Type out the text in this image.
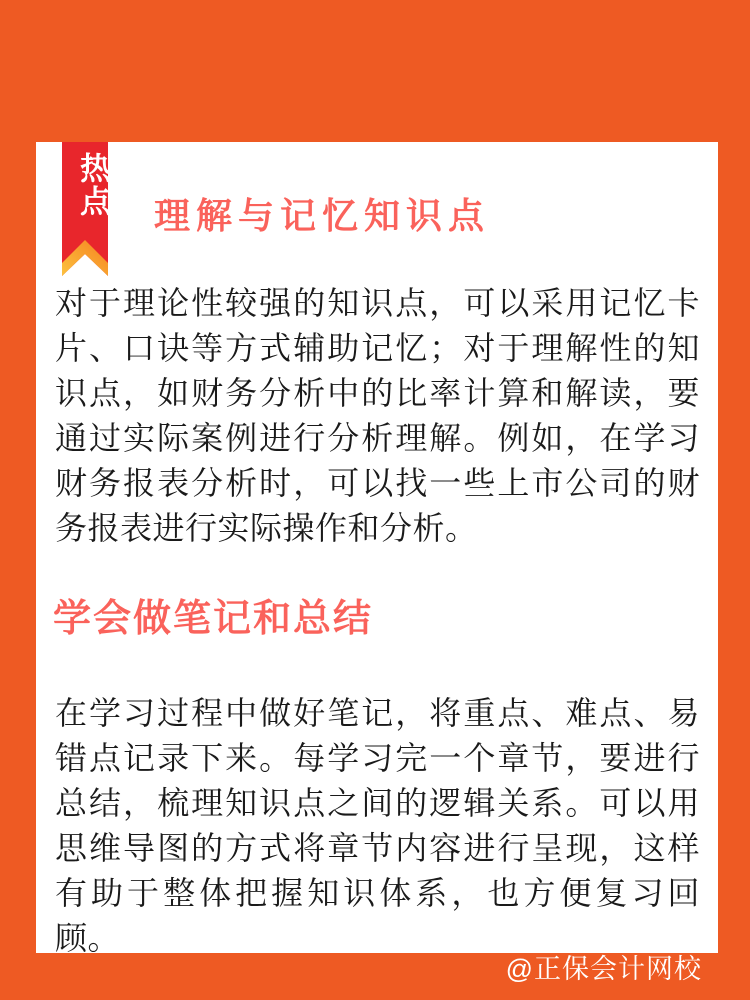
热点 理解与记忆知识点
对于理论性较强的知识点，可以采用记忆卡片、口诀等方式辅助记忆；对于理解性的知识点，如财务分析中的比率计算和解读，要通过实际案例进行分析理解。例如，在学习财务报表分析时，可以找一些上市公司的财务报表进行实际操作和分析。
学会做笔记和总结
在学习过程中做好笔记，将重点、难点、易错点记录下来。每学习完一个章节，要进行总结，梳理知识点之间的逻辑关系。可以用思维导图的方式将章节内容进行呈现，这样有助于整体把握知识体系，也方便复习回顾。
@正保会计网校
